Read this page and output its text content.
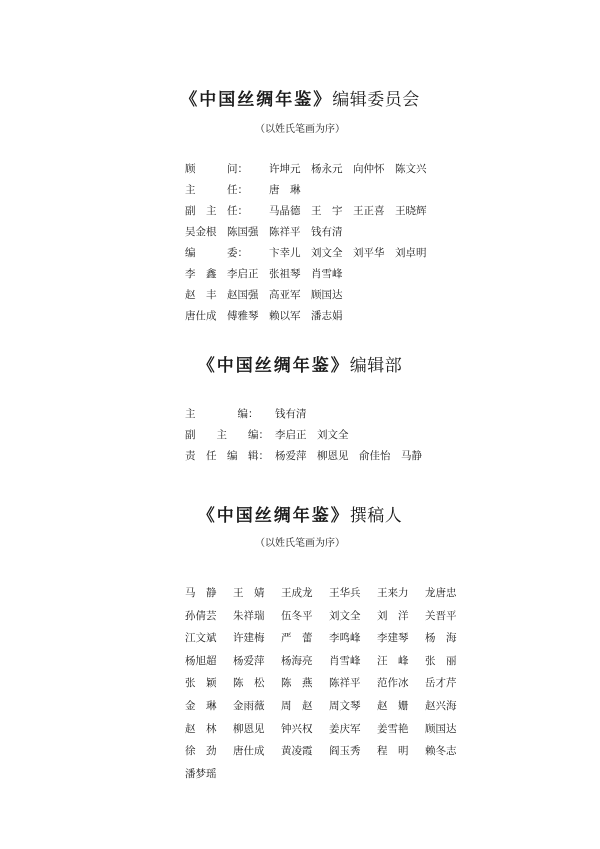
《中国丝绸年鉴》编辑委员会
（以姓氏笔画为序）
顾　　　问： 许坤元 杨永元 向仲怀 陈文兴
主　　　任： 唐　琳
副　主　任： 马晶德 王　宇 王正喜 王晓辉
吴金根 陈国强 陈祥平 钱有清
编　　　委： 卞幸儿 刘文全 刘平华 刘卓明
李　鑫 李启正 张祖琴 肖雪峰
赵　丰 赵国强 高亚军 顾国达
唐仕成 傅雅琴 赖以军 潘志娟
《中国丝绸年鉴》编辑部
主　　　　编： 钱有清
副　　主　　编： 李启正 刘文全
责　任　编　辑： 杨爱萍 柳恩见 俞佳怡 马静
《中国丝绸年鉴》撰稿人
（以姓氏笔画为序）
马　静 王　婧 王成龙 王华兵 王来力 龙唐忠
孙倩芸 朱祥瑞 伍冬平 刘文全 刘　洋 关晋平
江文斌 许建梅 严　蕾 李鸣峰 李建琴 杨　海
杨旭超 杨爱萍 杨海亮 肖雪峰 汪　峰 张　丽
张　颖 陈　松 陈　燕 陈祥平 范作冰 岳才芹
金　琳 金雨薇 周　赵 周文琴 赵　姗 赵兴海
赵　林 柳恩见 钟兴权 姜庆军 姜雪艳 顾国达
徐　劲 唐仕成 黄凌霞 阎玉秀 程　明 赖冬志
潘梦瑶
